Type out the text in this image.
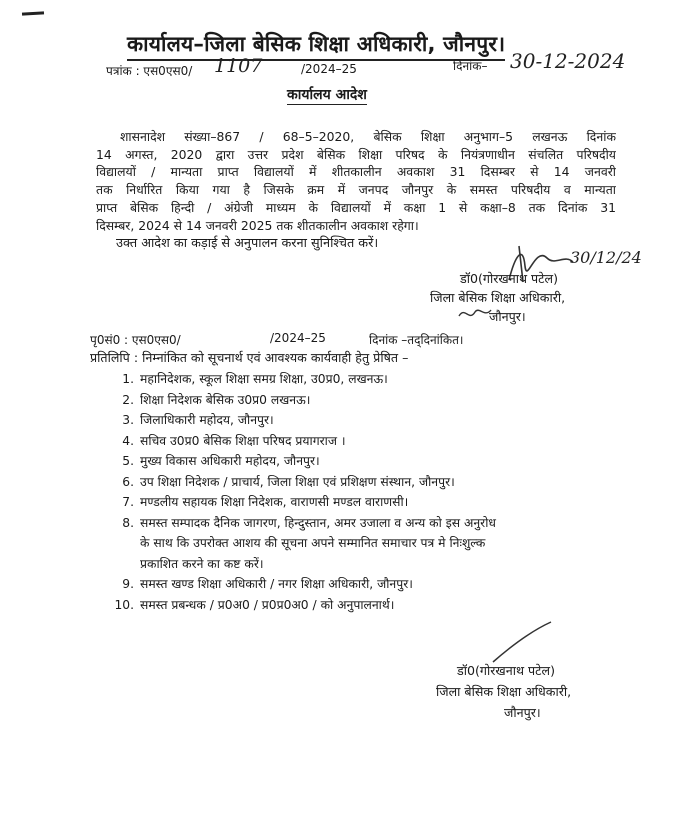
कार्यालय–जिला बेसिक शिक्षा अधिकारी, जौनपुर।
पत्रांक : एस0एस0/ 1107	/2024–25	दिनांक– 30-12-2024
कार्यालय आदेश
शासनादेश संख्या–867 / 68–5–2020, बेसिक शिक्षा अनुभाग–5 लखनऊ दिनांक
14 अगस्त, 2020 द्वारा उत्तर प्रदेश बेसिक शिक्षा परिषद के नियंत्रणाधीन संचलित परिषदीय
विद्यालयों / मान्यता प्राप्त विद्यालयों में शीतकालीन अवकाश 31 दिसम्बर से 14 जनवरी
तक निर्धारित किया गया है जिसके क्रम में जनपद जौनपुर के समस्त परिषदीय व मान्यता
प्राप्त बेसिक हिन्दी / अंग्रेजी माध्यम के विद्यालयों में कक्षा 1 से कक्षा–8 तक दिनांक 31
दिसम्बर, 2024 से 14 जनवरी 2025 तक शीतकालीन अवकाश रहेगा।
उक्त आदेश का कड़ाई से अनुपालन करना सुनिश्चित करें।
30/12/24
डॉ0(गोरखनाथ पटेल)
जिला बेसिक शिक्षा अधिकारी,
जौनपुर।
पृ0सं0 : एस0एस0/	/2024–25	दिनांक –तद्‌दिनांकित।
प्रतिलिपि : निम्नांकित को सूचनार्थ एवं आवश्यक कार्यवाही हेतु प्रेषित –
1. महानिदेशक, स्कूल शिक्षा समग्र शिक्षा, उ0प्र0, लखनऊ।
2. शिक्षा निदेशक बेसिक उ0प्र0 लखनऊ।
3. जिलाधिकारी महोदय, जौनपुर।
4. सचिव उ0प्र0 बेसिक शिक्षा परिषद प्रयागराज ।
5. मुख्य विकास अधिकारी महोदय, जौनपुर।
6. उप शिक्षा निदेशक / प्राचार्य, जिला शिक्षा एवं प्रशिक्षण संस्थान, जौनपुर।
7. मण्डलीय सहायक शिक्षा निदेशक, वाराणसी मण्डल वाराणसी।
8. समस्त सम्पादक दैनिक जागरण, हिन्दुस्तान, अमर उजाला व अन्य को इस अनुरोध
के साथ कि उपरोक्त आशय की सूचना अपने सम्मानित समाचार पत्र मे निःशुल्क
प्रकाशित करने का कष्ट करें।
9. समस्त खण्ड शिक्षा अधिकारी / नगर शिक्षा अधिकारी, जौनपुर।
10. समस्त प्रबन्धक / प्र0अ0 / प्र0प्र0अ0 / को अनुपालनार्थ।
डॉ0(गोरखनाथ पटेल)
जिला बेसिक शिक्षा अधिकारी,
जौनपुर।
